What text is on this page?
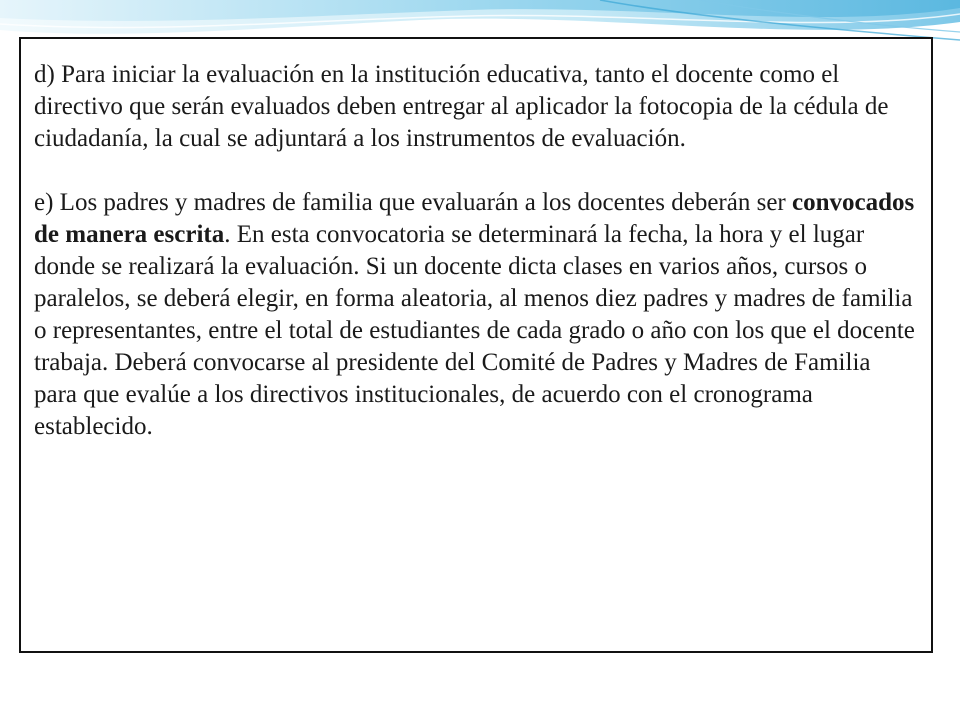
d) Para iniciar la evaluación en la institución educativa, tanto el docente como el directivo que serán evaluados deben entregar al aplicador la fotocopia de la cédula de ciudadanía, la cual se adjuntará a los instrumentos de evaluación.

e) Los padres y madres de familia que evaluarán a los docentes deberán ser convocados de manera escrita. En esta convocatoria se determinará la fecha, la hora y el lugar donde se realizará la evaluación. Si un docente dicta clases en varios años, cursos o paralelos, se deberá elegir, en forma aleatoria, al menos diez padres y madres de familia o representantes, entre el total de estudiantes de cada grado o año con los que el docente trabaja. Deberá convocarse al presidente del Comité de Padres y Madres de Familia para que evalúe a los directivos institucionales, de acuerdo con el cronograma establecido.
